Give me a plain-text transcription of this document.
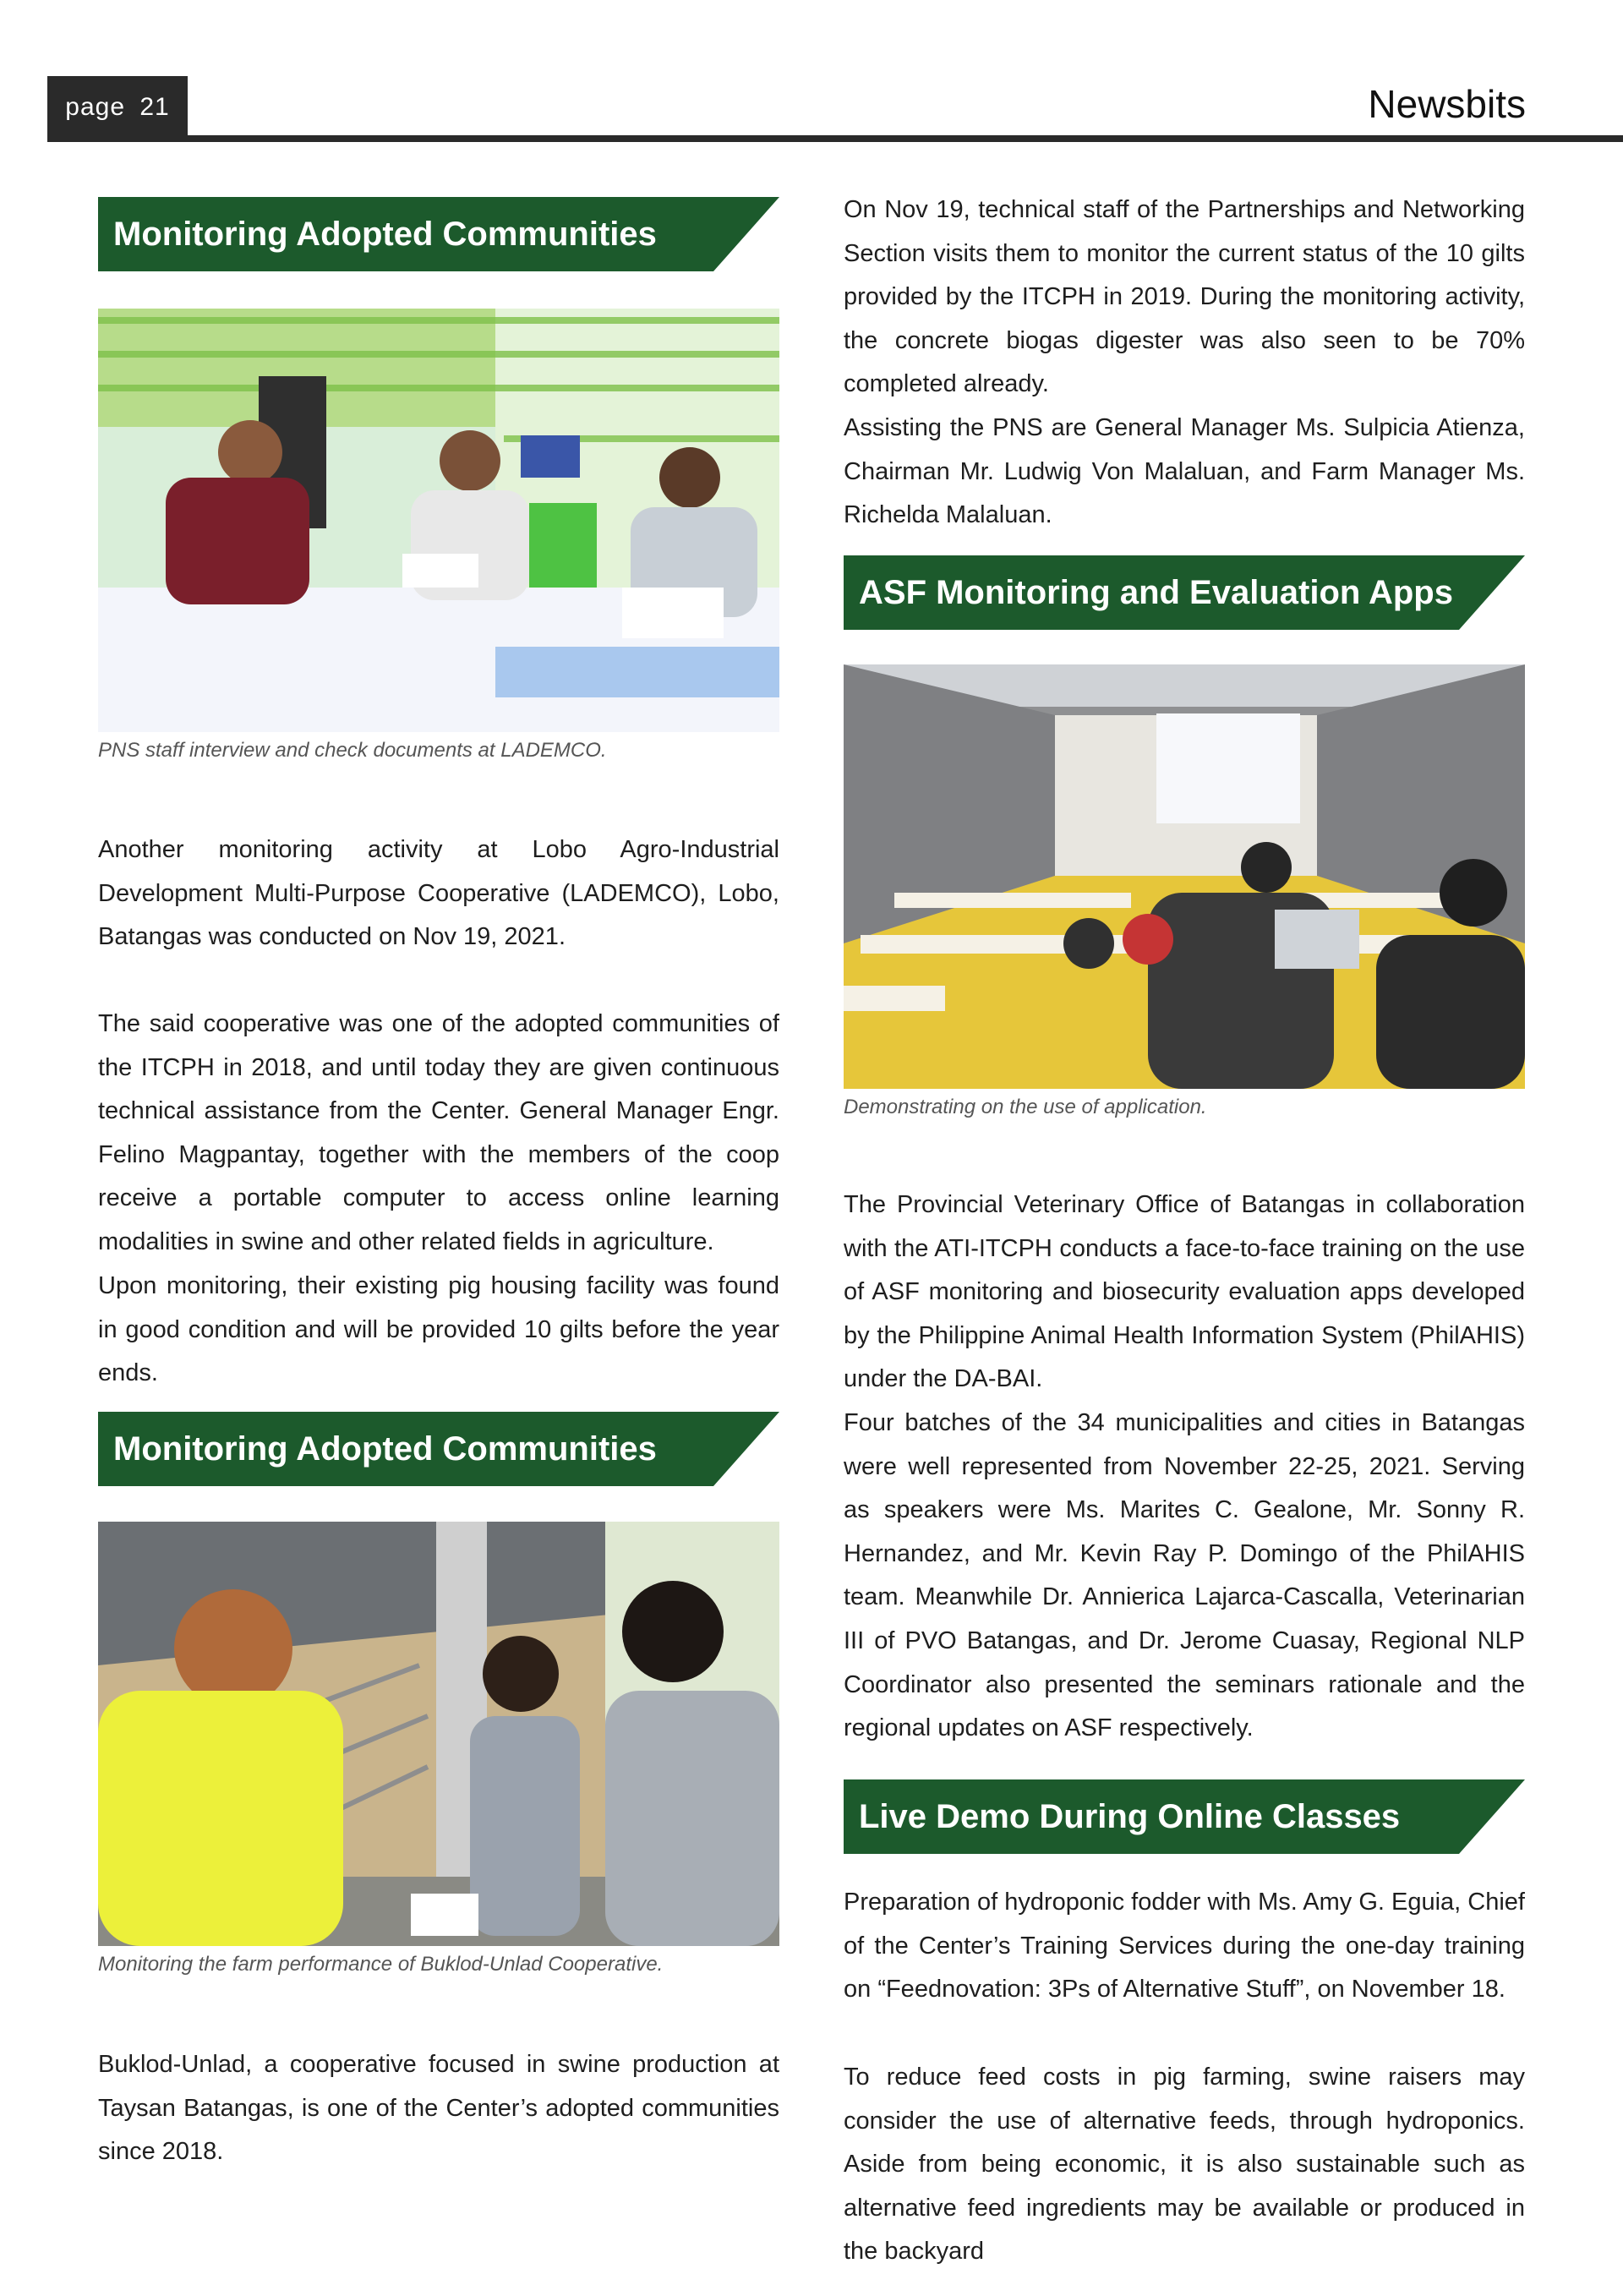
page 21	Newsbits
Monitoring Adopted Communities
PNS staff interview and check documents at LADEMCO.

Another monitoring activity at Lobo Agro-Industrial Development Multi-Purpose Cooperative (LADEMCO), Lobo, Batangas was conducted on Nov 19, 2021.

The said cooperative was one of the adopted communities of the ITCPH in 2018, and until today they are given continuous technical assistance from the Center. General Manager Engr. Felino Magpantay, together with the members of the coop receive a portable computer to access online learning modalities in swine and other related fields in agriculture.

Upon monitoring, their existing pig housing facility was found in good condition and will be provided 10 gilts before the year ends.

Monitoring Adopted Communities
Monitoring the farm performance of Buklod-Unlad Cooperative.

Buklod-Unlad, a cooperative focused in swine production at Taysan Batangas, is one of the Center’s adopted communities since 2018.

On Nov 19, technical staff of the Partnerships and Networking Section visits them to monitor the current status of the 10 gilts provided by the ITCPH in 2019. During the monitoring activity, the concrete biogas digester was also seen to be 70% completed already.

Assisting the PNS are General Manager Ms. Sulpicia Atienza, Chairman Mr. Ludwig Von Malaluan, and Farm Manager Ms. Richelda Malaluan.

ASF Monitoring and Evaluation Apps
Demonstrating on the use of application.

The Provincial Veterinary Office of Batangas in collaboration with the ATI-ITCPH conducts a face-to-face training on the use of ASF monitoring and biosecurity evaluation apps developed by the Philippine Animal Health Information System (PhilAHIS) under the DA-BAI.

Four batches of the 34 municipalities and cities in Batangas were well represented from November 22-25, 2021. Serving as speakers were Ms. Marites C. Gealone, Mr. Sonny R. Hernandez, and Mr. Kevin Ray P. Domingo of the PhilAHIS team. Meanwhile Dr. Annierica Lajarca-Cascalla, Veterinarian III of PVO Batangas, and Dr. Jerome Cuasay, Regional NLP Coordinator also presented the seminars rationale and the regional updates on ASF respectively.

Live Demo During Online Classes

Preparation of hydroponic fodder with Ms. Amy G. Eguia, Chief of the Center’s Training Services during the one-day training on “Feednovation: 3Ps of Alternative Stuff”, on November 18.

To reduce feed costs in pig farming, swine raisers may consider the use of alternative feeds, through hydroponics. Aside from being economic, it is also sustainable such as alternative feed ingredients may be available or produced in the backyard
